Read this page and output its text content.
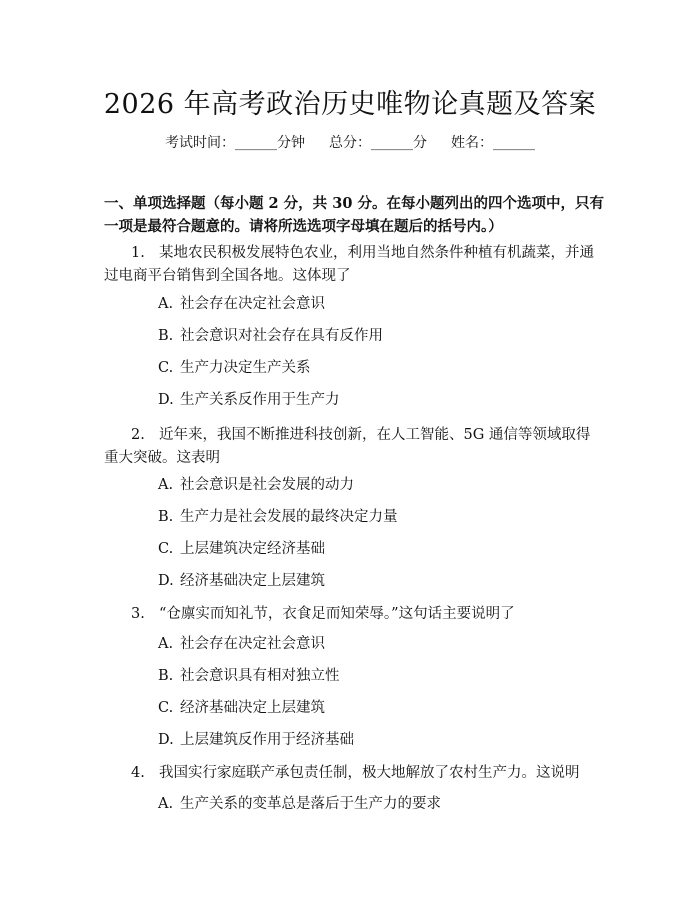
2026 年高考政治历史唯物论真题及答案
考试时间：______分钟 总分：______分 姓名：______
一、单项选择题（每小题 2 分，共 30 分。在每小题列出的四个选项中，只有一项是最符合题意的。请将所选选项字母填在题后的括号内。）
1. 某地农民积极发展特色农业，利用当地自然条件种植有机蔬菜，并通过电商平台销售到全国各地。这体现了
A. 社会存在决定社会意识
B. 社会意识对社会存在具有反作用
C. 生产力决定生产关系
D. 生产关系反作用于生产力
2. 近年来，我国不断推进科技创新，在人工智能、5G 通信等领域取得重大突破。这表明
A. 社会意识是社会发展的动力
B. 生产力是社会发展的最终决定力量
C. 上层建筑决定经济基础
D. 经济基础决定上层建筑
3. “仓廪实而知礼节，衣食足而知荣辱。”这句话主要说明了
A. 社会存在决定社会意识
B. 社会意识具有相对独立性
C. 经济基础决定上层建筑
D. 上层建筑反作用于经济基础
4. 我国实行家庭联产承包责任制，极大地解放了农村生产力。这说明
A. 生产关系的变革总是落后于生产力的要求
